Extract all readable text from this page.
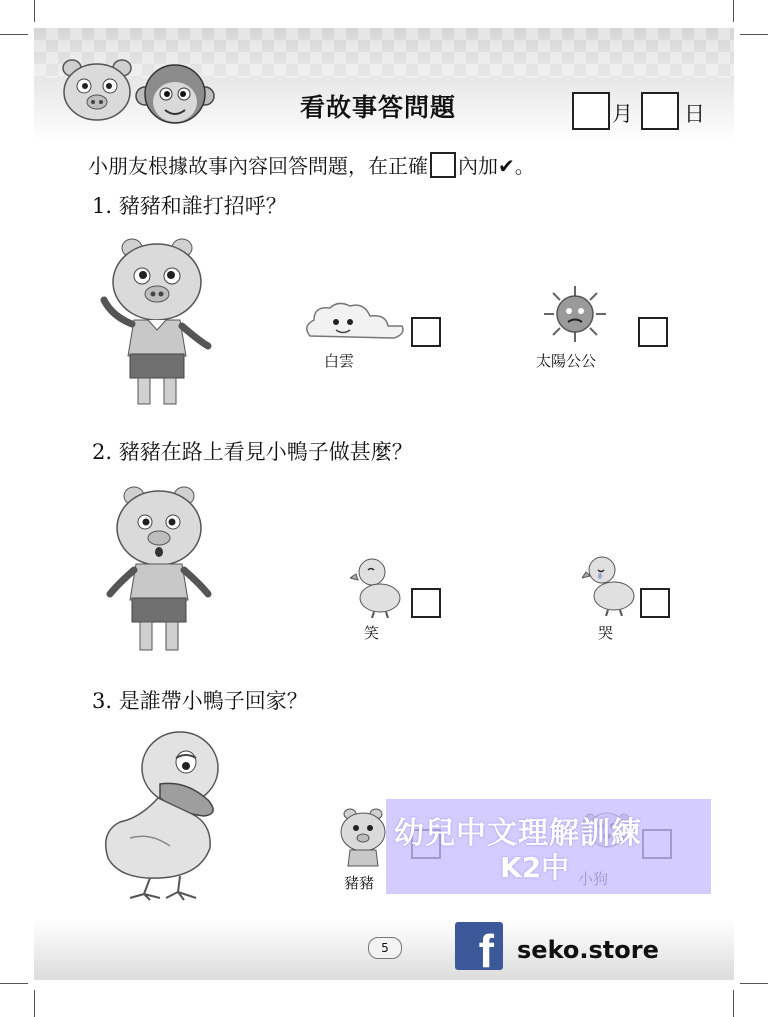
看故事答問題	月 日
小朋友根據故事內容回答問題，在正確 內加✔。
1. 豬豬和誰打招呼？
白雲	太陽公公
2. 豬豬在路上看見小鴨子做甚麼？
笑	哭
3. 是誰帶小鴨子回家？
豬豬
幼兒中文理解訓練
K2中
5	f seko.store
